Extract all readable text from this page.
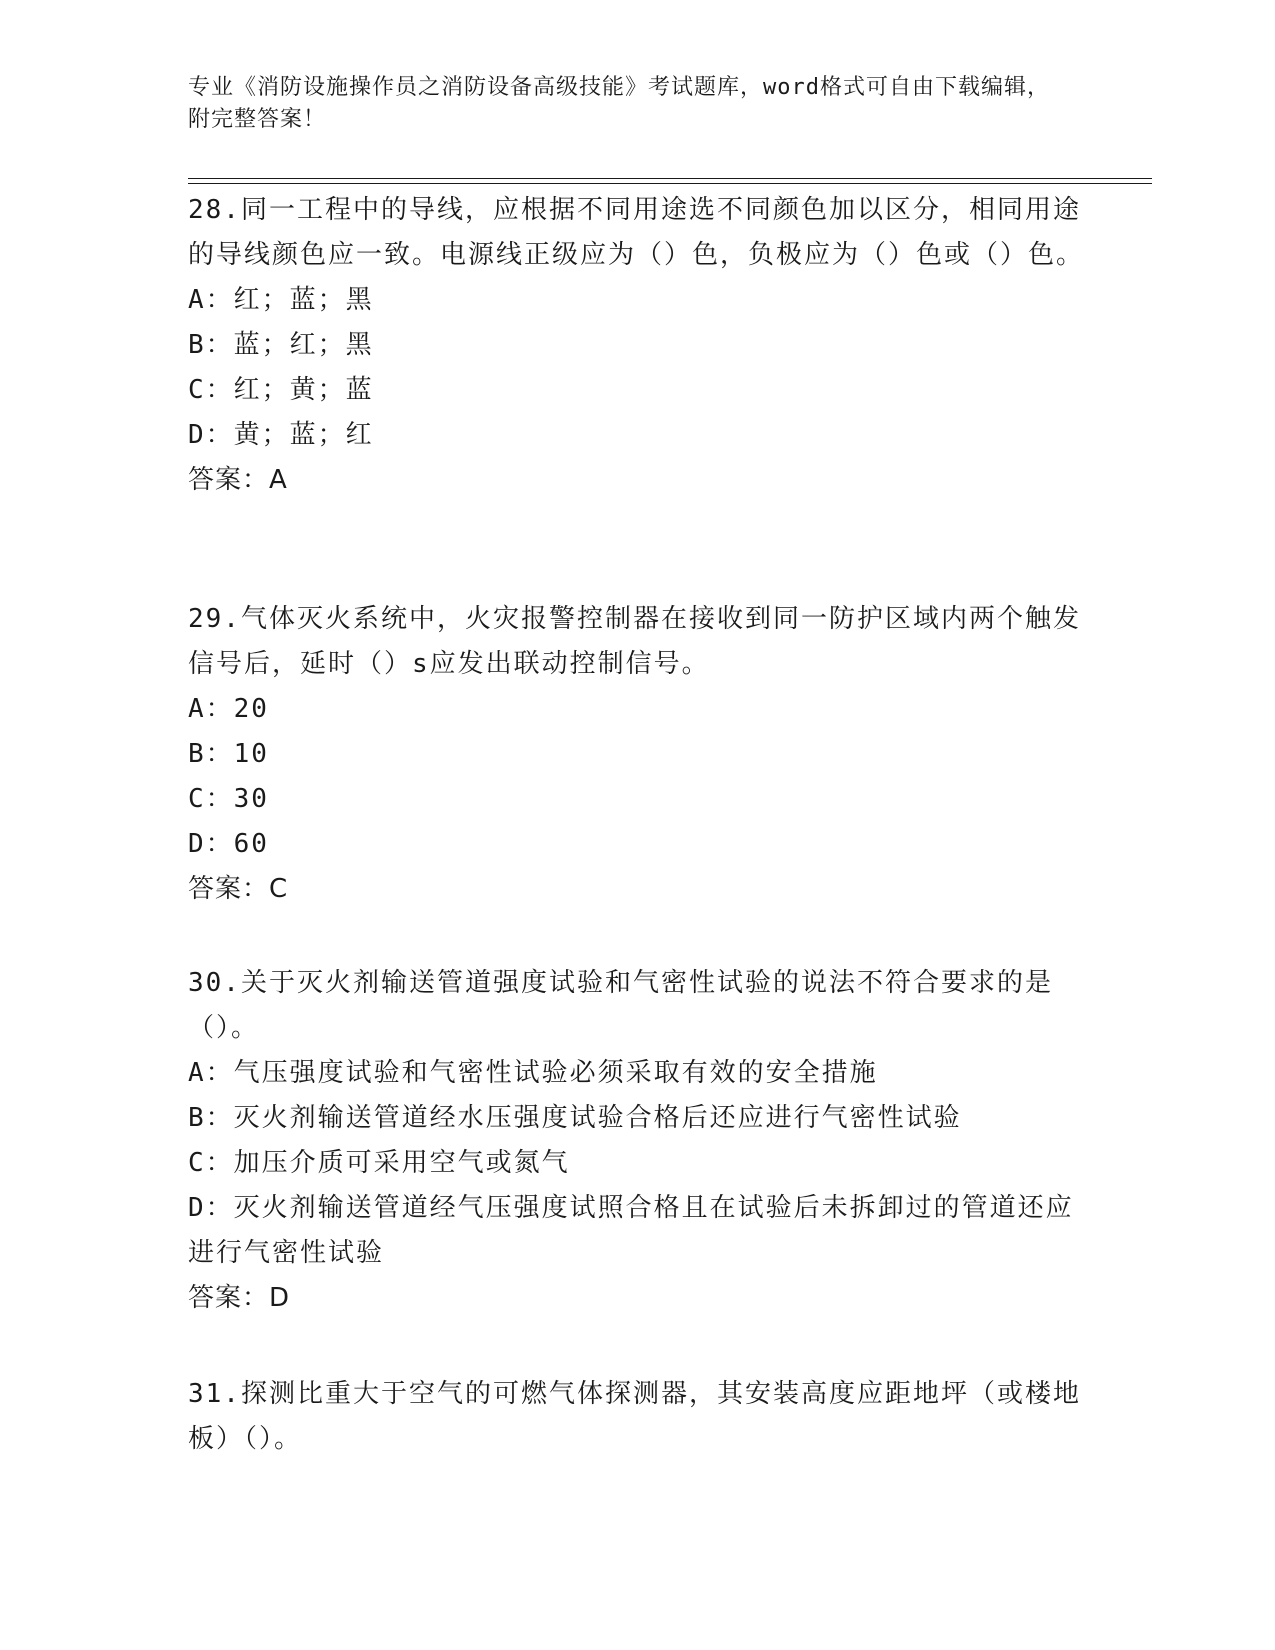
专业《消防设施操作员之消防设备高级技能》考试题库，word格式可自由下载编辑，附完整答案！
28.同一工程中的导线，应根据不同用途选不同颜色加以区分，相同用途的导线颜色应一致。电源线正级应为（）色，负极应为（）色或（）色。
A：红；蓝；黑
B：蓝；红；黑
C：红；黄；蓝
D：黄；蓝；红
答案：A
29.气体灭火系统中，火灾报警控制器在接收到同一防护区域内两个触发信号后，延时（）s应发出联动控制信号。
A：20
B：10
C：30
D：60
答案：C
30.关于灭火剂输送管道强度试验和气密性试验的说法不符合要求的是（）。
A：气压强度试验和气密性试验必须采取有效的安全措施
B：灭火剂输送管道经水压强度试验合格后还应进行气密性试验
C：加压介质可采用空气或氮气
D：灭火剂输送管道经气压强度试照合格且在试验后未拆卸过的管道还应进行气密性试验
答案：D
31.探测比重大于空气的可燃气体探测器，其安装高度应距地坪（或楼地板）（）。
